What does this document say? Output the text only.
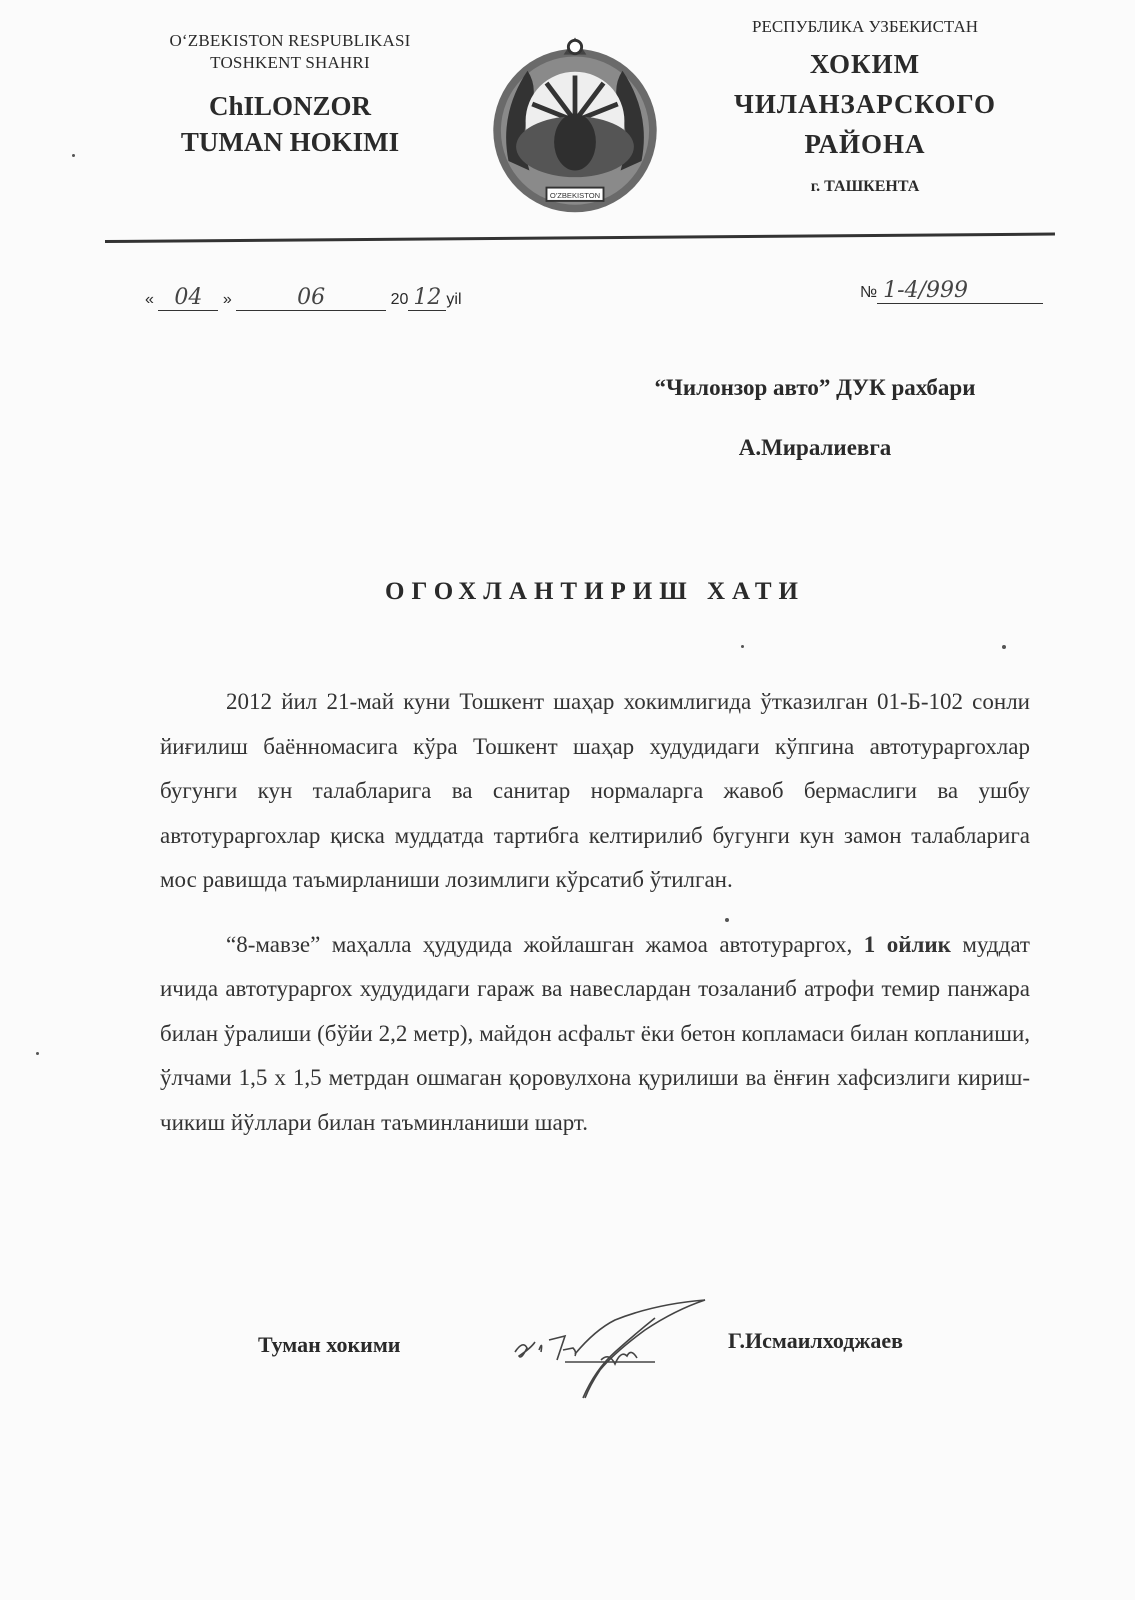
O‘ZBEKISTON RESPUBLIKASI
TOSHKENT SHAHRI
ChILONZOR
TUMAN HOKIMI
O'ZBEKISTON
РЕСПУБЛИКА УЗБЕКИСТАН
ХОКИМ
ЧИЛАНЗАРСКОГО
РАЙОНА
г. ТАШКЕНТА
« 04 »	06	20 12 yil	№ 1-4/999
“Чилонзор авто” ДУК рахбари
А.Миралиевга
ОГОХЛАНТИРИШ ХАТИ

2012 йил 21-май куни Тошкент шаҳар хокимлигида ўтказилган 01-Б-102 сонли йиғилиш баённомасига кўра Тошкент шаҳар худудидаги кўпгина автотураргохлар бугунги кун талабларига ва санитар нормаларга жавоб бермаслиги ва ушбу автотураргохлар қиска муддатда тартибга келтирилиб бугунги кун замон талабларига мос равишда таъмирланиши лозимлиги кўрсатиб ўтилган.

“8-мавзе” маҳалла ҳудудида жойлашган жамоа автотураргох, 1 ойлик муддат ичида автотураргох худудидаги гараж ва навеслардан тозаланиб атрофи темир панжара билан ўралиши (бўйи 2,2 метр), майдон асфальт ёки бетон копламаси билан копланиши, ўлчами 1,5 х 1,5 метрдан ошмаган қоровулхона қурилиши ва ёнғин хафсизлиги кириш-чикиш йўллари билан таъминланиши шарт.

Туман хокими	Г.Исмаилходжаев
